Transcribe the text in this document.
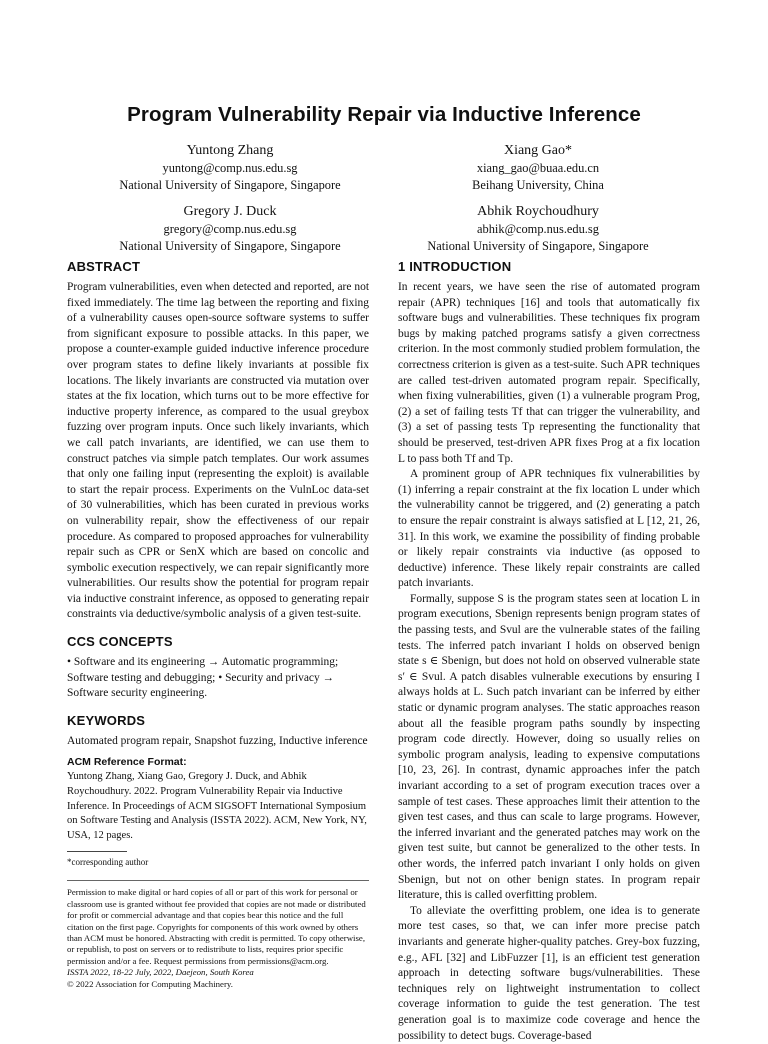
Program Vulnerability Repair via Inductive Inference
Yuntong Zhang
yuntong@comp.nus.edu.sg
National University of Singapore, Singapore
Xiang Gao*
xiang_gao@buaa.edu.cn
Beihang University, China
Gregory J. Duck
gregory@comp.nus.edu.sg
National University of Singapore, Singapore
Abhik Roychoudhury
abhik@comp.nus.edu.sg
National University of Singapore, Singapore
ABSTRACT

Program vulnerabilities, even when detected and reported, are not fixed immediately. The time lag between the reporting and fixing of a vulnerability causes open-source software systems to suffer from significant exposure to possible attacks. In this paper, we propose a counter-example guided inductive inference procedure over program states to define likely invariants at possible fix locations. The likely invariants are constructed via mutation over states at the fix location, which turns out to be more effective for inductive property inference, as compared to the usual greybox fuzzing over program inputs. Once such likely invariants, which we call patch invariants, are identified, we can use them to construct patches via simple patch templates. Our work assumes that only one failing input (representing the exploit) is available to start the repair process. Experiments on the VulnLoc data-set of 30 vulnerabilities, which has been curated in previous works on vulnerability repair, show the effectiveness of our repair procedure. As compared to proposed approaches for vulnerability repair such as CPR or SenX which are based on concolic and symbolic execution respectively, we can repair significantly more vulnerabilities. Our results show the potential for program repair via inductive constraint inference, as opposed to generating repair constraints via deductive/symbolic analysis of a given test-suite.

CCS CONCEPTS

• Software and its engineering → Automatic programming; Software testing and debugging; • Security and privacy → Software security engineering.

KEYWORDS

Automated program repair, Snapshot fuzzing, Inductive inference

ACM Reference Format:

Yuntong Zhang, Xiang Gao, Gregory J. Duck, and Abhik Roychoudhury. 2022. Program Vulnerability Repair via Inductive Inference. In Proceedings of ACM SIGSOFT International Symposium on Software Testing and Analysis (ISSTA 2022). ACM, New York, NY, USA, 12 pages.

*corresponding author

Permission to make digital or hard copies of all or part of this work for personal or classroom use is granted without fee provided that copies are not made or distributed for profit or commercial advantage and that copies bear this notice and the full citation on the first page. Copyrights for components of this work owned by others than ACM must be honored. Abstracting with credit is permitted. To copy otherwise, or republish, to post on servers or to redistribute to lists, requires prior specific permission and/or a fee. Request permissions from permissions@acm.org.

ISSTA 2022, 18-22 July, 2022, Daejeon, South Korea

© 2022 Association for Computing Machinery.

1 INTRODUCTION

In recent years, we have seen the rise of automated program repair (APR) techniques [16] and tools that automatically fix software bugs and vulnerabilities. These techniques fix program bugs by making patched programs satisfy a given correctness criterion. In the most commonly studied problem formulation, the correctness criterion is given as a test-suite. Such APR techniques are called test-driven automated program repair. Specifically, when fixing vulnerabilities, given (1) a vulnerable program Prog, (2) a set of failing tests Tf that can trigger the vulnerability, and (3) a set of passing tests Tp representing the functionality that should be preserved, test-driven APR fixes Prog at a fix location L to pass both Tf and Tp.

A prominent group of APR techniques fix vulnerabilities by (1) inferring a repair constraint at the fix location L under which the vulnerability cannot be triggered, and (2) generating a patch to ensure the repair constraint is always satisfied at L [12, 21, 26, 31]. In this work, we examine the possibility of finding probable or likely repair constraints via inductive (as opposed to deductive) inference. These likely repair constraints are called patch invariants.

Formally, suppose S is the program states seen at location L in program executions, Sbenign represents benign program states of the passing tests, and Svul are the vulnerable states of the failing tests. The inferred patch invariant I holds on observed benign state s ∈ Sbenign, but does not hold on observed vulnerable state s′ ∈ Svul. A patch disables vulnerable executions by ensuring I always holds at L. Such patch invariant can be inferred by either static or dynamic program analyses. The static approaches reason about all the feasible program paths soundly by inspecting program code directly. However, doing so usually relies on symbolic program analysis, leading to expensive computations [10, 23, 26]. In contrast, dynamic approaches infer the patch invariant according to a set of program execution traces over a sample of test cases. These approaches limit their attention to the given test cases, and thus can scale to large programs. However, the inferred invariant and the generated patches may work on the given test suite, but cannot be generalized to the other tests. In other words, the inferred patch invariant I only holds on given Sbenign, but not on other benign states. In program repair literature, this is called overfitting problem.

To alleviate the overfitting problem, one idea is to generate more test cases, so that, we can infer more precise patch invariants and generate higher-quality patches. Grey-box fuzzing, e.g., AFL [32] and LibFuzzer [1], is an efficient test generation approach in detecting software bugs/vulnerabilities. These techniques rely on lightweight instrumentation to collect coverage information to guide the test generation. The test generation goal is to maximize code coverage and hence the possibility to detect bugs. Coverage-based
